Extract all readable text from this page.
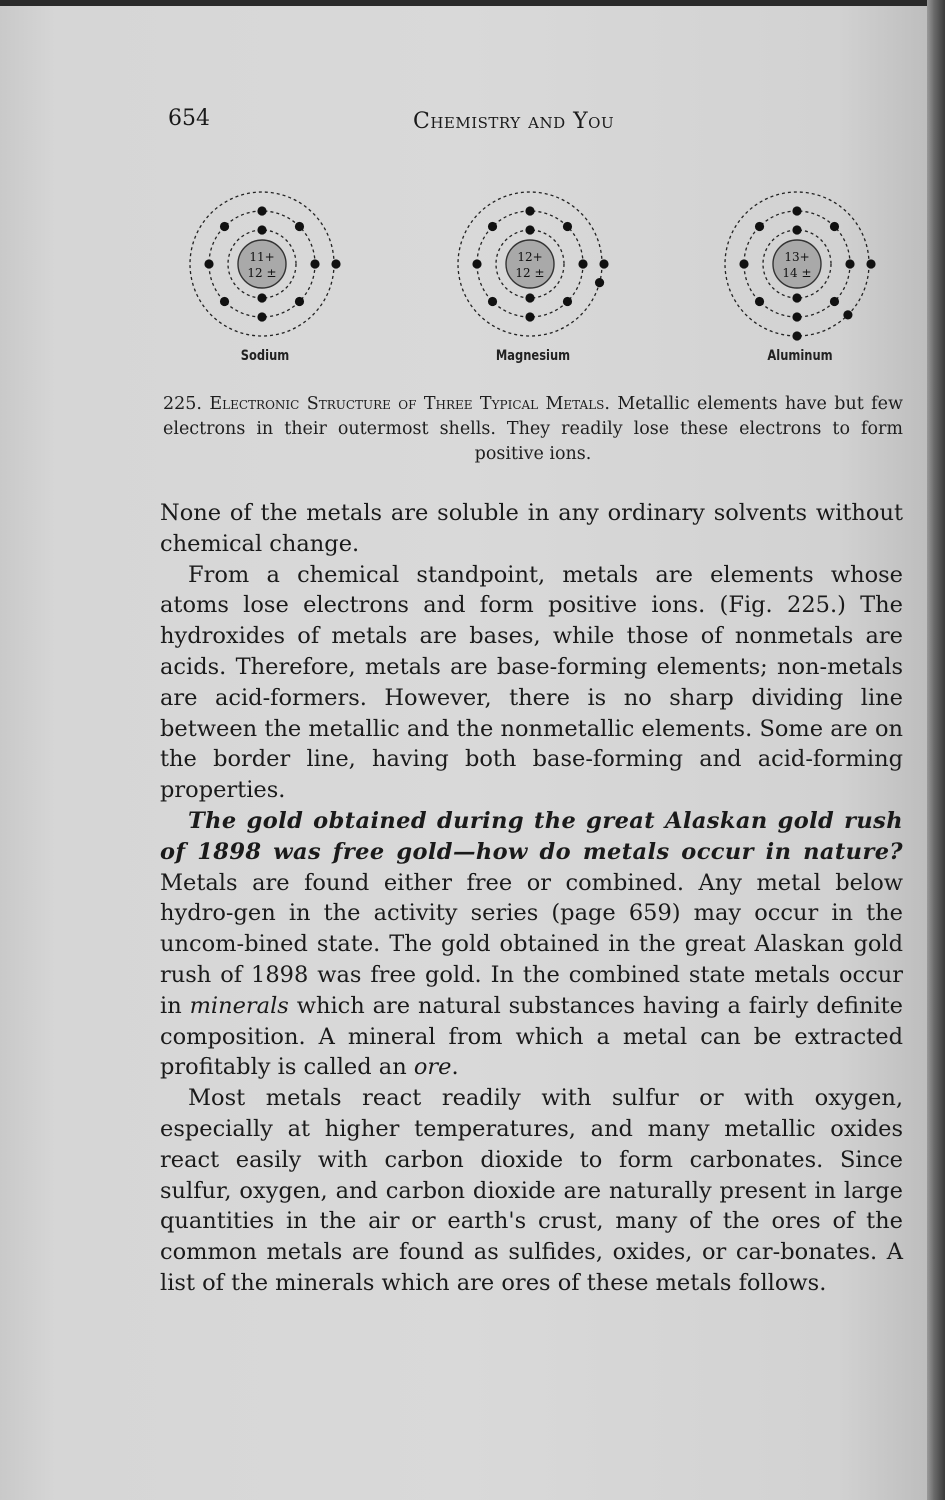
654	Chemistry and You
11+
12 ±
Sodium
12+
12 ±
Magnesium
13+
14 ±
Aluminum
225. Electronic Structure of Three Typical Metals. Metallic elements have but few electrons in their outermost shells. They readily lose these electrons to form positive ions.

None of the metals are soluble in any ordinary solvents without chemical change.

From a chemical standpoint, metals are elements whose atoms lose electrons and form positive ions. (Fig. 225.) The hydroxides of metals are bases, while those of nonmetals are acids. Therefore, metals are base-forming elements; non-metals are acid-formers. However, there is no sharp dividing line between the metallic and the nonmetallic elements. Some are on the border line, having both base-forming and acid-forming properties.

The gold obtained during the great Alaskan gold rush of 1898 was free gold—how do metals occur in nature? Metals are found either free or combined. Any metal below hydro-gen in the activity series (page 659) may occur in the uncom-bined state. The gold obtained in the great Alaskan gold rush of 1898 was free gold. In the combined state metals occur in minerals which are natural substances having a fairly definite composition. A mineral from which a metal can be extracted profitably is called an ore.

Most metals react readily with sulfur or with oxygen, especially at higher temperatures, and many metallic oxides react easily with carbon dioxide to form carbonates. Since sulfur, oxygen, and carbon dioxide are naturally present in large quantities in the air or earth's crust, many of the ores of the common metals are found as sulfides, oxides, or car-bonates. A list of the minerals which are ores of these metals follows.
